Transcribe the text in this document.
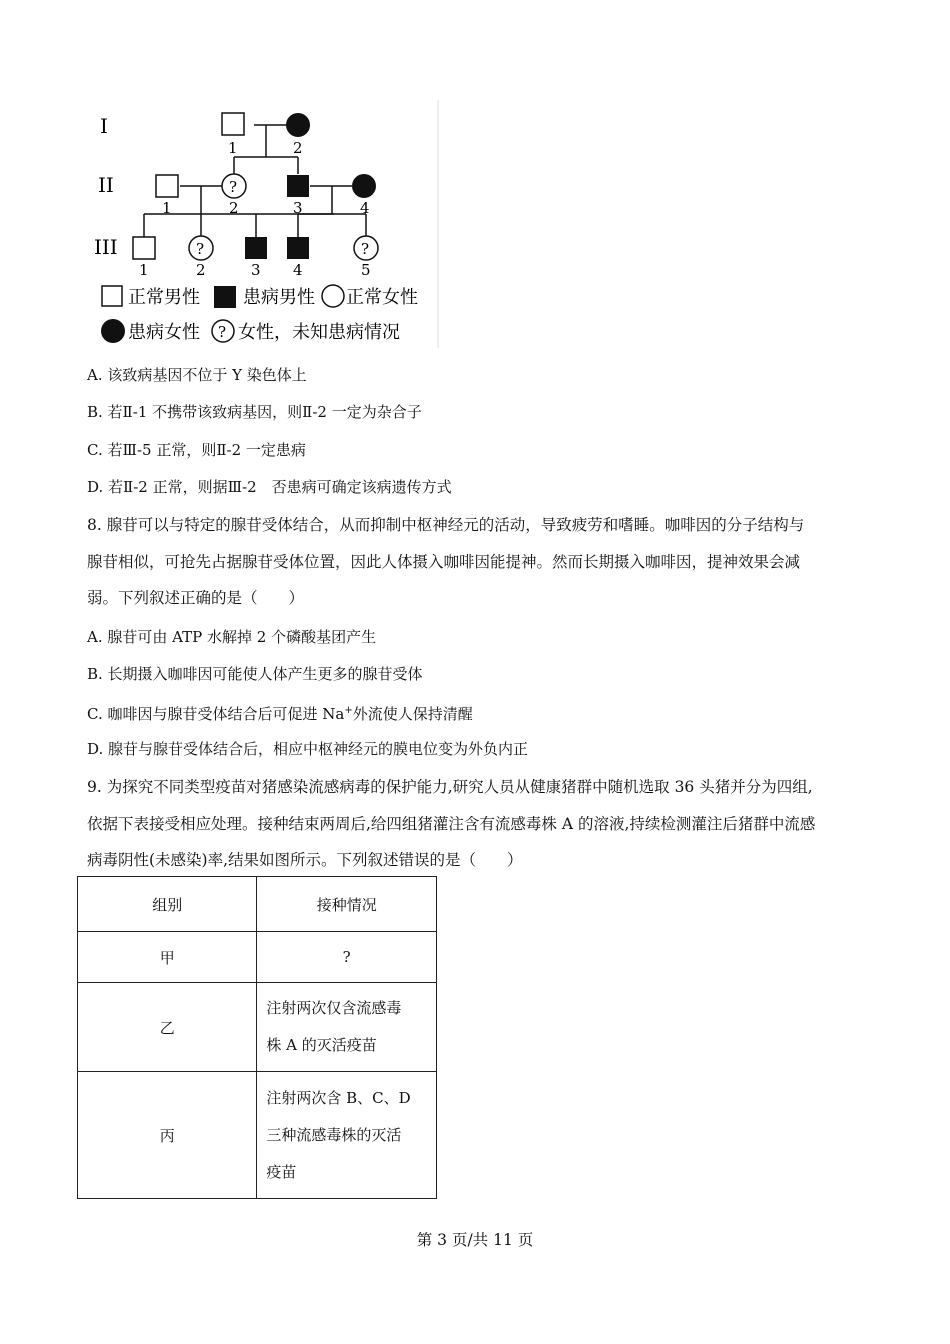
I
II
III
1	2
?
1	2	3	4
?	?
1	2	3 4	5
正常男性 患病男性 正常女性
患病女性 ? 女性，未知患病情况
A. 该致病基因不位于 Y 染色体上
B. 若Ⅱ-1 不携带该致病基因，则Ⅱ-2 一定为杂合子
C. 若Ⅲ-5 正常，则Ⅱ-2 一定患病
D. 若Ⅱ-2 正常，则据Ⅲ-2　否患病可确定该病遗传方式
8. 腺苷可以与特定的腺苷受体结合，从而抑制中枢神经元的活动，导致疲劳和嗜睡。咖啡因的分子结构与
腺苷相似，可抢先占据腺苷受体位置，因此人体摄入咖啡因能提神。然而长期摄入咖啡因，提神效果会减
弱。下列叙述正确的是（　　）
A. 腺苷可由 ATP 水解掉 2 个磷酸基团产生
B. 长期摄入咖啡因可能使人体产生更多的腺苷受体
C. 咖啡因与腺苷受体结合后可促进 Na+外流使人保持清醒
D. 腺苷与腺苷受体结合后，相应中枢神经元的膜电位变为外负内正
9. 为探究不同类型疫苗对猪感染流感病毒的保护能力,研究人员从健康猪群中随机选取 36 头猪并分为四组,
依据下表接受相应处理。接种结束两周后,给四组猪灌注含有流感毒株 A 的溶液,持续检测灌注后猪群中流感
病毒阴性(未感染)率,结果如图所示。下列叙述错误的是（　　）
组别	接种情况
甲	?
乙	注射两次仅含流感毒
株 A 的灭活疫苗

丙	注射两次含 B、C、D
三种流感毒株的灭活
疫苗
第 3 页/共 11 页
